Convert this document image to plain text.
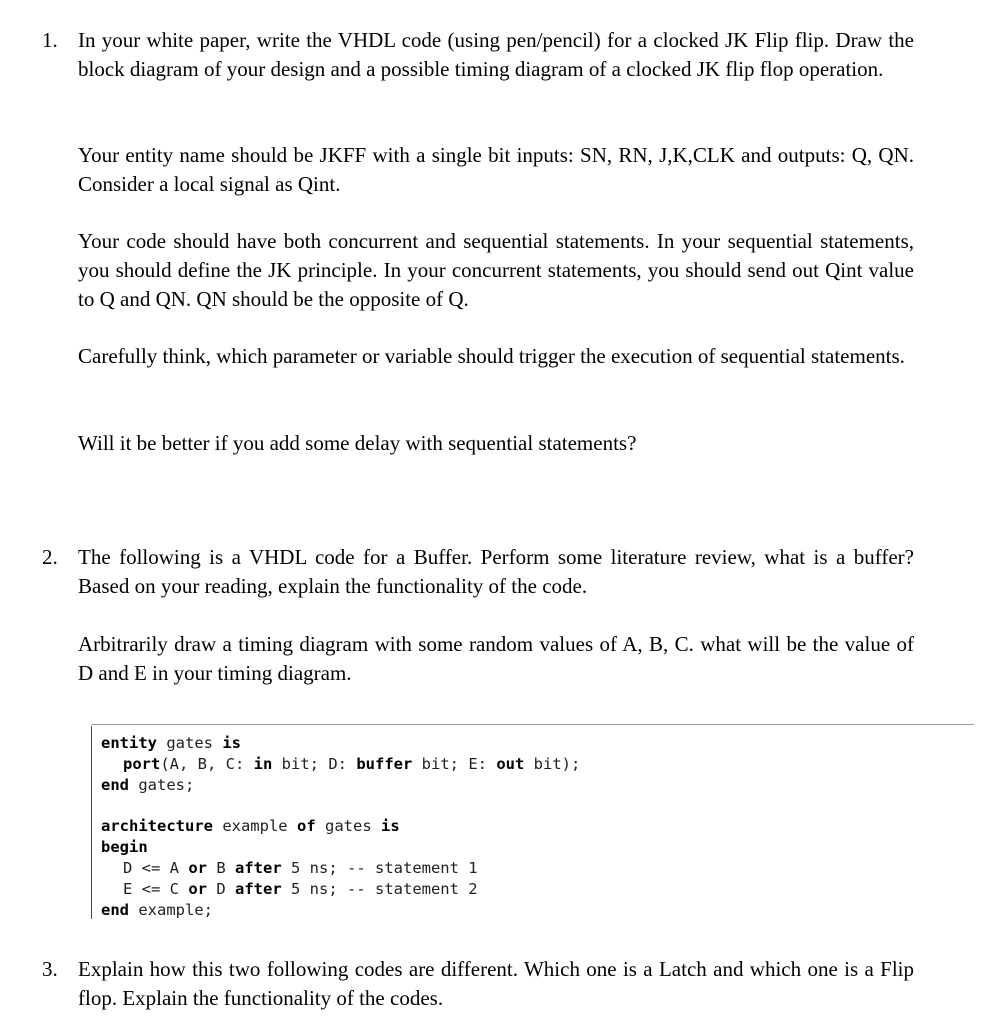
1. In your white paper, write the VHDL code (using pen/pencil) for a clocked JK Flip flip. Draw the block diagram of your design and a possible timing diagram of a clocked JK flip flop operation.
Your entity name should be JKFF with a single bit inputs: SN, RN, J,K,CLK and outputs: Q, QN. Consider a local signal as Qint.
Your code should have both concurrent and sequential statements. In your sequential statements, you should define the JK principle. In your concurrent statements, you should send out Qint value to Q and QN. QN should be the opposite of Q.
Carefully think, which parameter or variable should trigger the execution of sequential statements.
Will it be better if you add some delay with sequential statements?
2. The following is a VHDL code for a Buffer. Perform some literature review, what is a buffer? Based on your reading, explain the functionality of the code.
Arbitrarily draw a timing diagram with some random values of A, B, C. what will be the value of D and E in your timing diagram.
entity gates is
port(A, B, C: in bit; D: buffer bit; E: out bit);
end gates;
architecture example of gates is
begin
D <= A or B after 5 ns; -- statement 1
E <= C or D after 5 ns; -- statement 2
end example;
3. Explain how this two following codes are different. Which one is a Latch and which one is a Flip flop. Explain the functionality of the codes.
